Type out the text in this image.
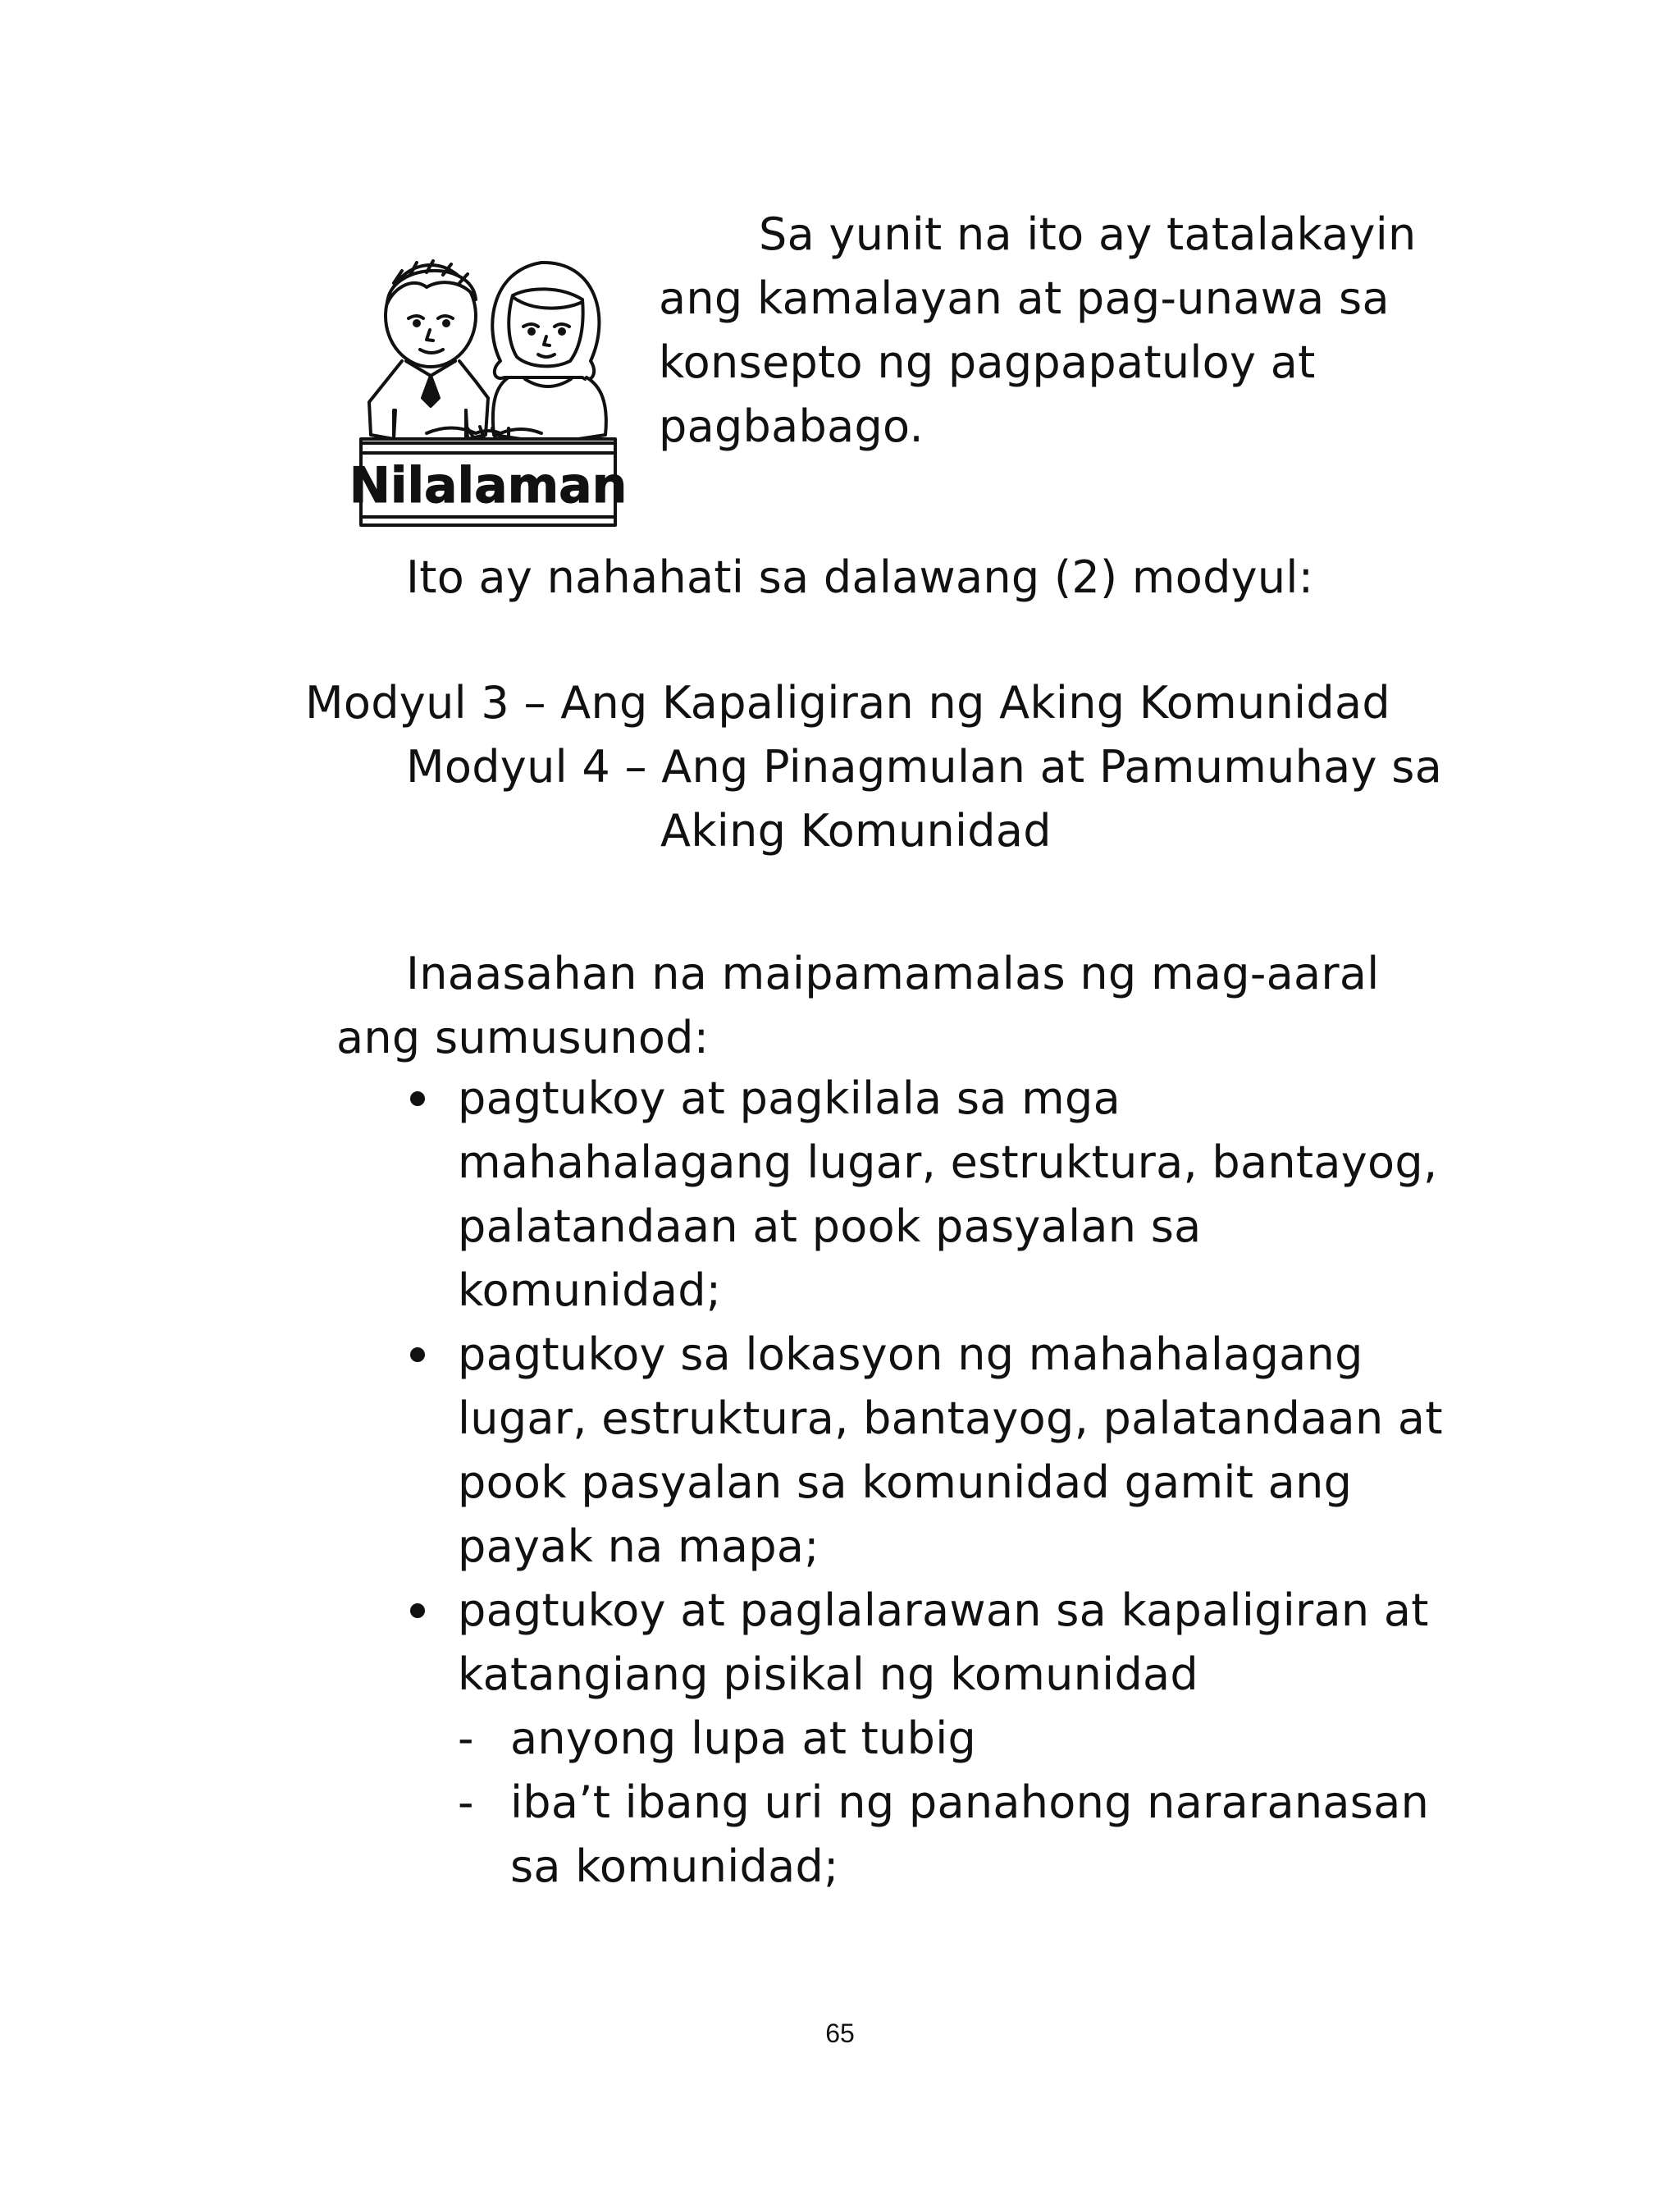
Nilalaman
Sa yunit na ito ay tatalakayin
ang kamalayan at pag-unawa sa
konsepto ng pagpapatuloy at
pagbabago.
Ito ay nahahati sa dalawang (2) modyul:
Modyul 3 – Ang Kapaligiran ng Aking Komunidad
Modyul 4 – Ang Pinagmulan at Pamumuhay sa
Aking Komunidad
Inaasahan na maipamamalas ng mag-aaral
ang sumusunod:
pagtukoy at pagkilala sa mga
mahahalagang lugar, estruktura, bantayog,
palatandaan at pook pasyalan sa
komunidad;
pagtukoy sa lokasyon ng mahahalagang
lugar, estruktura, bantayog, palatandaan at
pook pasyalan sa komunidad gamit ang
payak na mapa;
pagtukoy at paglalarawan sa kapaligiran at
katangiang pisikal ng komunidad
- anyong lupa at tubig
- iba’t ibang uri ng panahong nararanasan
sa komunidad;
65
